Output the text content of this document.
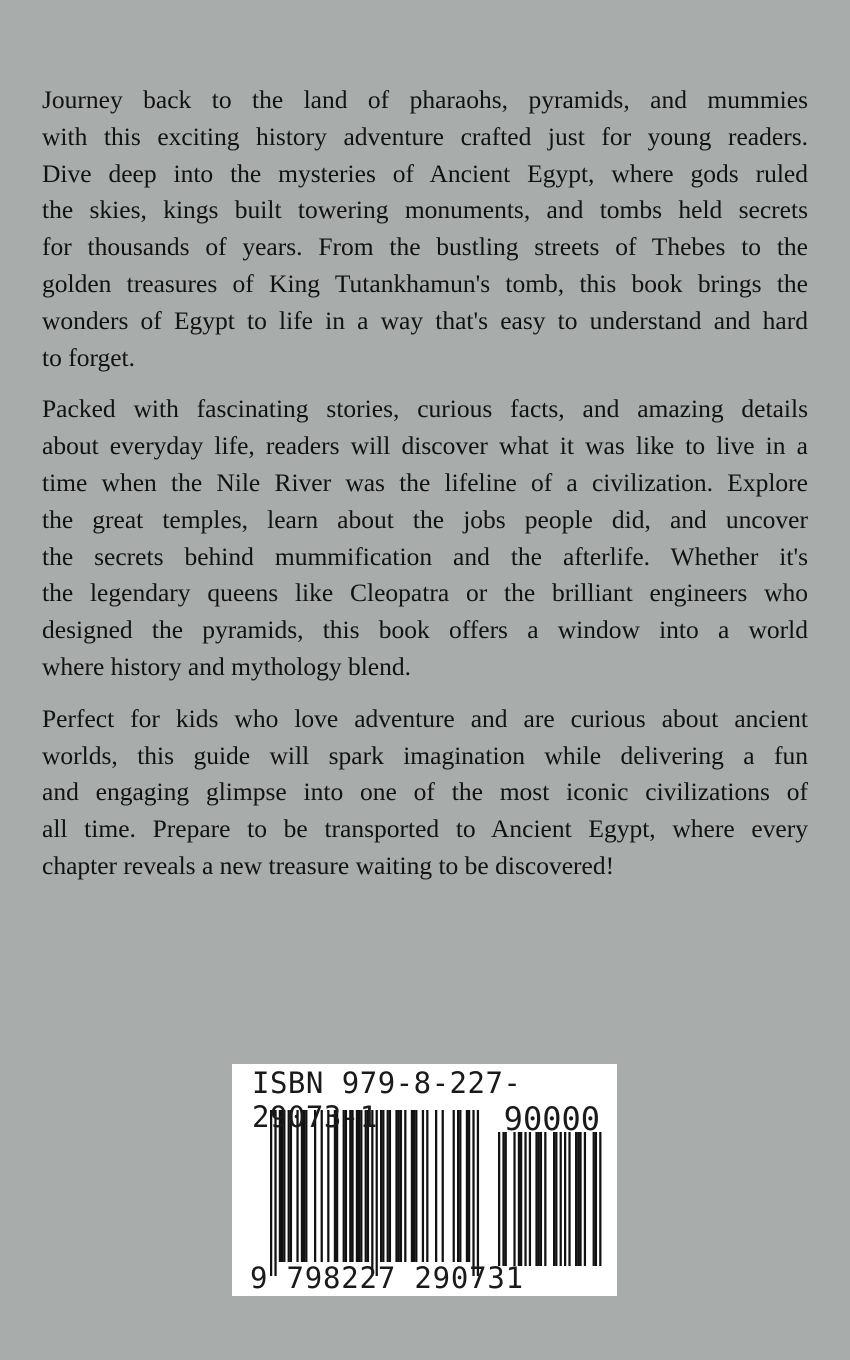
Journey back to the land of pharaohs, pyramids, and mummies
with this exciting history adventure crafted just for young readers.
Dive deep into the mysteries of Ancient Egypt, where gods ruled
the skies, kings built towering monuments, and tombs held secrets
for thousands of years. From the bustling streets of Thebes to the
golden treasures of King Tutankhamun's tomb, this book brings the
wonders of Egypt to life in a way that's easy to understand and hard
to forget.
Packed with fascinating stories, curious facts, and amazing details
about everyday life, readers will discover what it was like to live in a
time when the Nile River was the lifeline of a civilization. Explore
the great temples, learn about the jobs people did, and uncover
the secrets behind mummification and the afterlife. Whether it's
the legendary queens like Cleopatra or the brilliant engineers who
designed the pyramids, this book offers a window into a world
where history and mythology blend.
Perfect for kids who love adventure and are curious about ancient
worlds, this guide will spark imagination while delivering a fun
and engaging glimpse into one of the most iconic civilizations of
all time. Prepare to be transported to Ancient Egypt, where every
chapter reveals a new treasure waiting to be discovered!
ISBN 979-8-227-29073-1	90000
9 798227 290731
